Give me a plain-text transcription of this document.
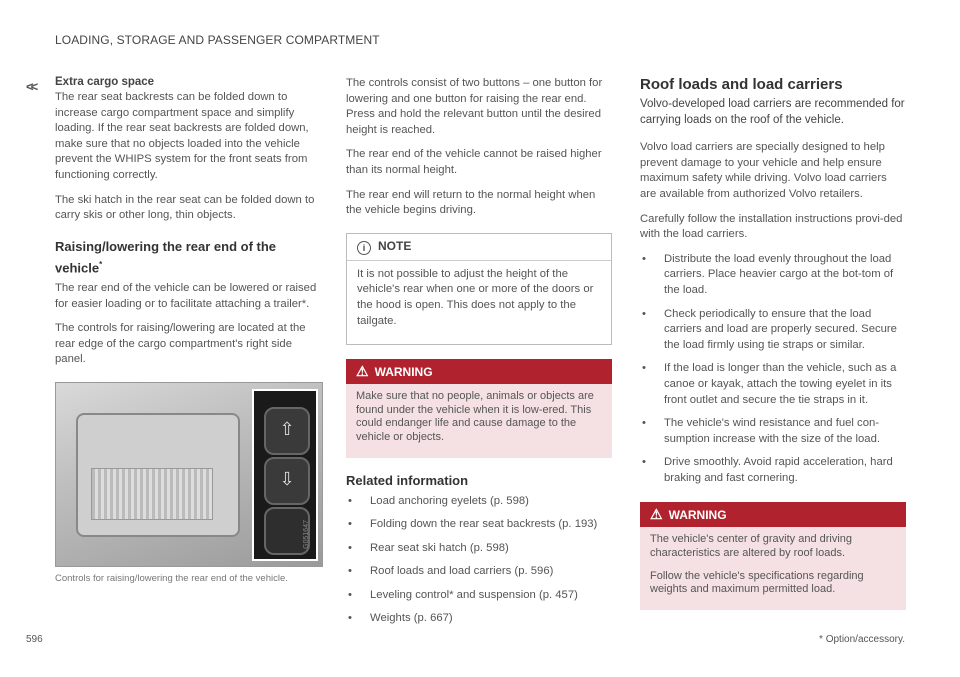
LOADING, STORAGE AND PASSENGER COMPARTMENT
<< Extra cargo space

The rear seat backrests can be folded down to increase cargo compartment space and simplify loading. If the rear seat backrests are folded down, make sure that no objects loaded into the vehicle prevent the WHIPS system for the front seats from functioning correctly.

The ski hatch in the rear seat can be folded down to carry skis or other long, thin objects.

Raising/lowering the rear end of the vehicle*

The rear end of the vehicle can be lowered or raised for easier loading or to facilitate attaching a trailer*.

The controls for raising/lowering are located at the rear edge of the cargo compartment's right side panel.

⇧
⇩
G051647
Controls for raising/lowering the rear end of the vehicle.

The controls consist of two buttons – one button for lowering and one button for raising the rear end. Press and hold the relevant button until the desired height is reached.

The rear end of the vehicle cannot be raised higher than its normal height.

The rear end will return to the normal height when the vehicle begins driving.

i NOTE

It is not possible to adjust the height of the vehicle's rear when one or more of the doors or the hood is open. This does not apply to the tailgate.

⚠ WARNING

Make sure that no people, animals or objects are found under the vehicle when it is low-ered. This could endanger life and cause damage to the vehicle or objects.

Related information
• Load anchoring eyelets (p. 598)
• Folding down the rear seat backrests (p. 193)
• Rear seat ski hatch (p. 598)
• Roof loads and load carriers (p. 596)
• Leveling control* and suspension (p. 457)
• Weights (p. 667)
Roof loads and load carriers

Volvo-developed load carriers are recommended for carrying loads on the roof of the vehicle.

Volvo load carriers are specially designed to help prevent damage to your vehicle and help ensure maximum safety while driving. Volvo load carriers are available from authorized Volvo retailers.

Carefully follow the installation instructions provi-ded with the load carriers.

• Distribute the load evenly throughout the load carriers. Place heavier cargo at the bot-tom of the load.
• Check periodically to ensure that the load carriers and load are properly secured. Secure the load firmly using tie straps or similar.
• If the load is longer than the vehicle, such as a canoe or kayak, attach the towing eyelet in its front outlet and secure the tie straps in it.
• The vehicle's wind resistance and fuel con-sumption increase with the size of the load.
• Drive smoothly. Avoid rapid acceleration, hard braking and fast cornering.
⚠ WARNING

The vehicle's center of gravity and driving characteristics are altered by roof loads.

Follow the vehicle's specifications regarding weights and maximum permitted load.

596	* Option/accessory.
